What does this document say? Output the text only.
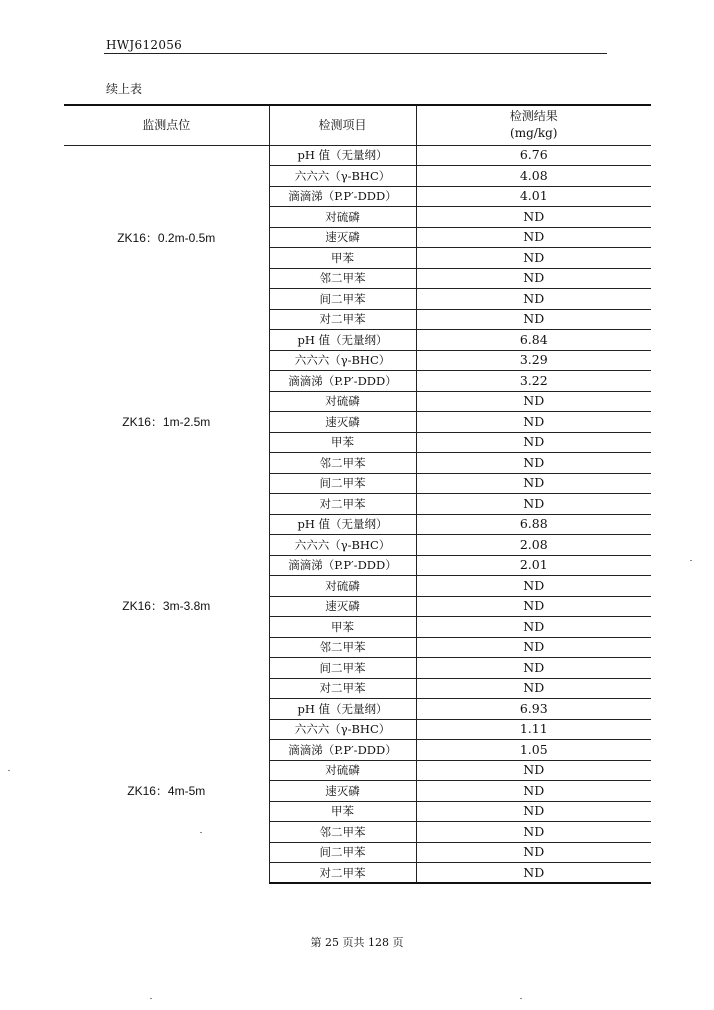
HWJ612056
续上表
监测点位	检测项目	检测结果
(mg/kg)

ZK16：0.2m-0.5m	pH 值（无量纲）	6.76
	六六六（γ-BHC）	4.08
	滴滴涕（P.P′-DDD）	4.01
	对硫磷	ND
	速灭磷	ND
	甲苯	ND
	邻二甲苯	ND
	间二甲苯	ND
	对二甲苯	ND
ZK16：1m-2.5m	pH 值（无量纲）	6.84
	六六六（γ-BHC）	3.29
	滴滴涕（P.P′-DDD）	3.22
	对硫磷	ND
	速灭磷	ND
	甲苯	ND
	邻二甲苯	ND
	间二甲苯	ND
	对二甲苯	ND
ZK16：3m-3.8m	pH 值（无量纲）	6.88
	六六六（γ-BHC）	2.08
	滴滴涕（P.P′-DDD）	2.01
	对硫磷	ND
	速灭磷	ND
	甲苯	ND
	邻二甲苯	ND
	间二甲苯	ND
	对二甲苯	ND
ZK16：4m-5m	pH 值（无量纲）	6.93
	六六六（γ-BHC）	1.11
	滴滴涕（P.P′-DDD）	1.05
	对硫磷	ND
	速灭磷	ND
	甲苯	ND
	邻二甲苯	ND
	间二甲苯	ND
	对二甲苯	ND
第 25 页共 128 页
